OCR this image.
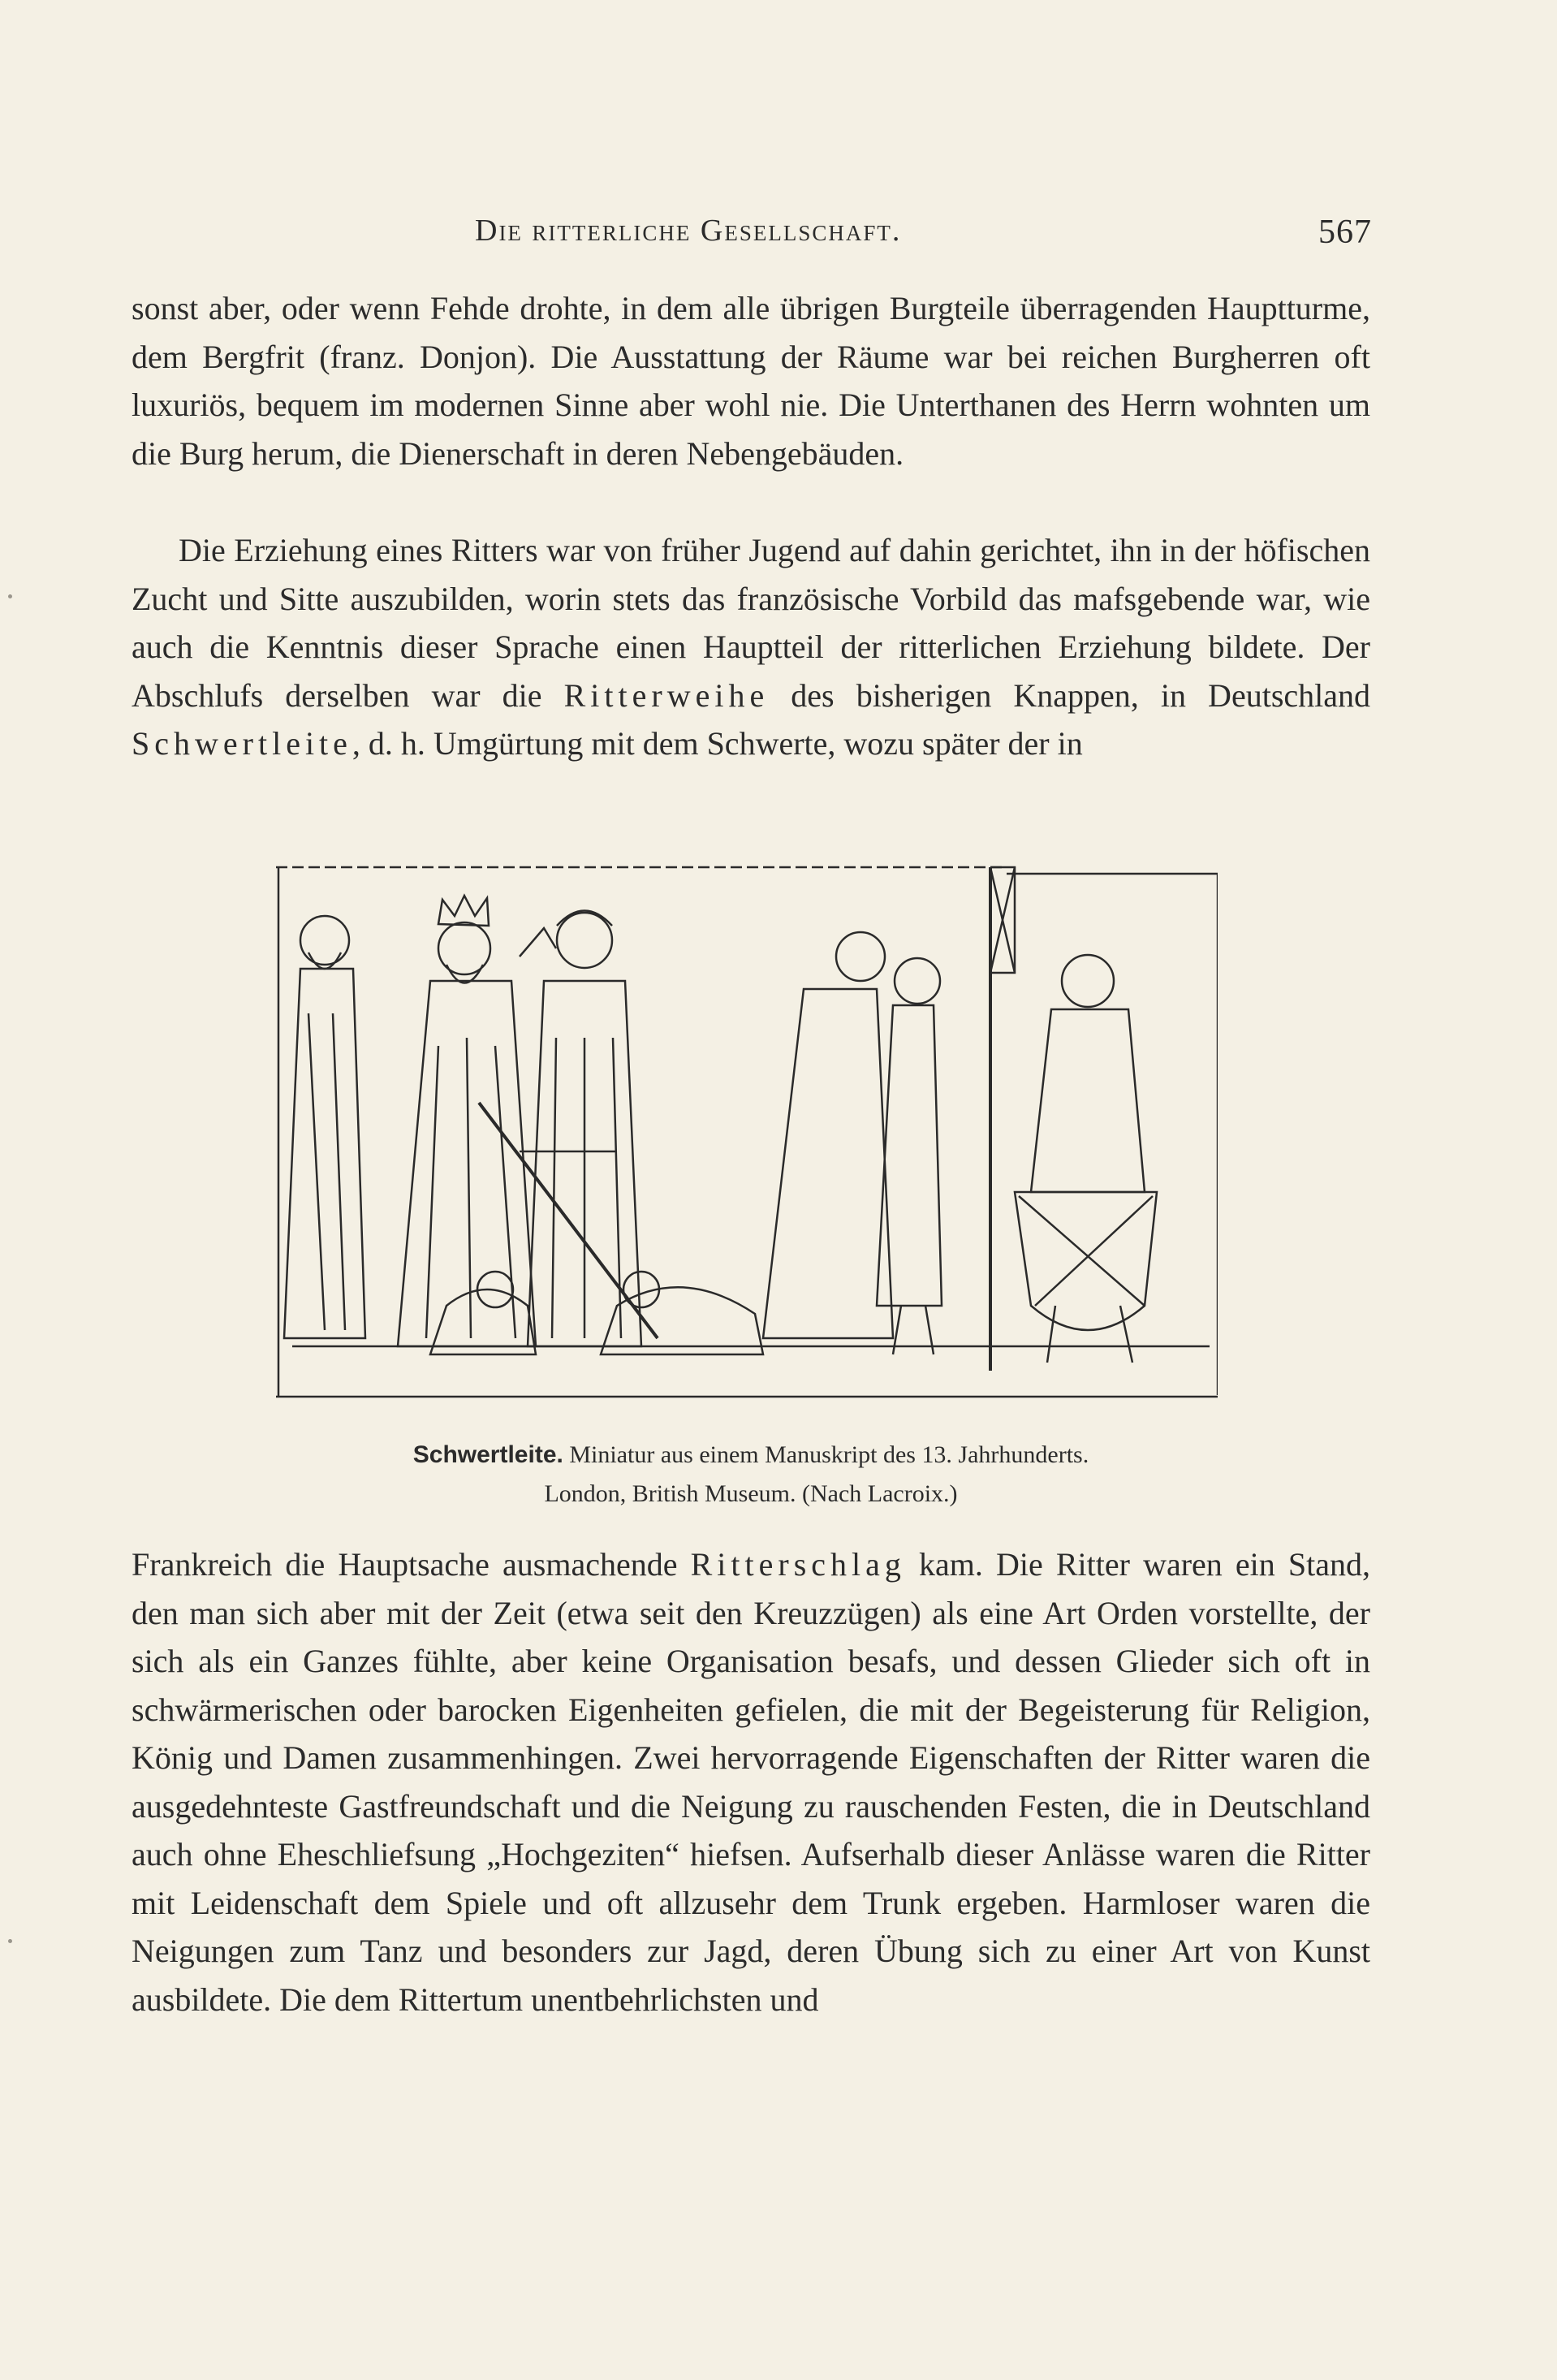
Die ritterliche Gesellschaft.	567

sonst aber, oder wenn Fehde drohte, in dem alle übrigen Burgteile überragenden Hauptturme, dem Bergfrit (franz. Donjon). Die Ausstattung der Räume war bei reichen Burgherren oft luxuriös, bequem im modernen Sinne aber wohl nie. Die Unterthanen des Herrn wohnten um die Burg herum, die Dienerschaft in deren Nebengebäuden.

Die Erziehung eines Ritters war von früher Jugend auf dahin gerichtet, ihn in der höfischen Zucht und Sitte auszubilden, worin stets das französische Vorbild das mafsgebende war, wie auch die Kenntnis dieser Sprache einen Hauptteil der ritterlichen Erziehung bildete. Der Abschlufs derselben war die Ritterweihe des bisherigen Knappen, in Deutschland Schwertleite, d. h. Umgürtung mit dem Schwerte, wozu später der in

Schwertleite. Miniatur aus einem Manuskript des 13. Jahrhunderts.
London, British Museum. (Nach Lacroix.)

Frankreich die Hauptsache ausmachende Ritterschlag kam. Die Ritter waren ein Stand, den man sich aber mit der Zeit (etwa seit den Kreuzzügen) als eine Art Orden vorstellte, der sich als ein Ganzes fühlte, aber keine Organisation besafs, und dessen Glieder sich oft in schwärmerischen oder barocken Eigenheiten gefielen, die mit der Begeisterung für Religion, König und Damen zusammenhingen. Zwei hervorragende Eigenschaften der Ritter waren die ausgedehnteste Gastfreundschaft und die Neigung zu rauschenden Festen, die in Deutschland auch ohne Eheschliefsung „Hochgeziten“ hiefsen. Aufserhalb dieser Anlässe waren die Ritter mit Leidenschaft dem Spiele und oft allzusehr dem Trunk ergeben. Harmloser waren die Neigungen zum Tanz und besonders zur Jagd, deren Übung sich zu einer Art von Kunst ausbildete. Die dem Rittertum unentbehrlichsten und
